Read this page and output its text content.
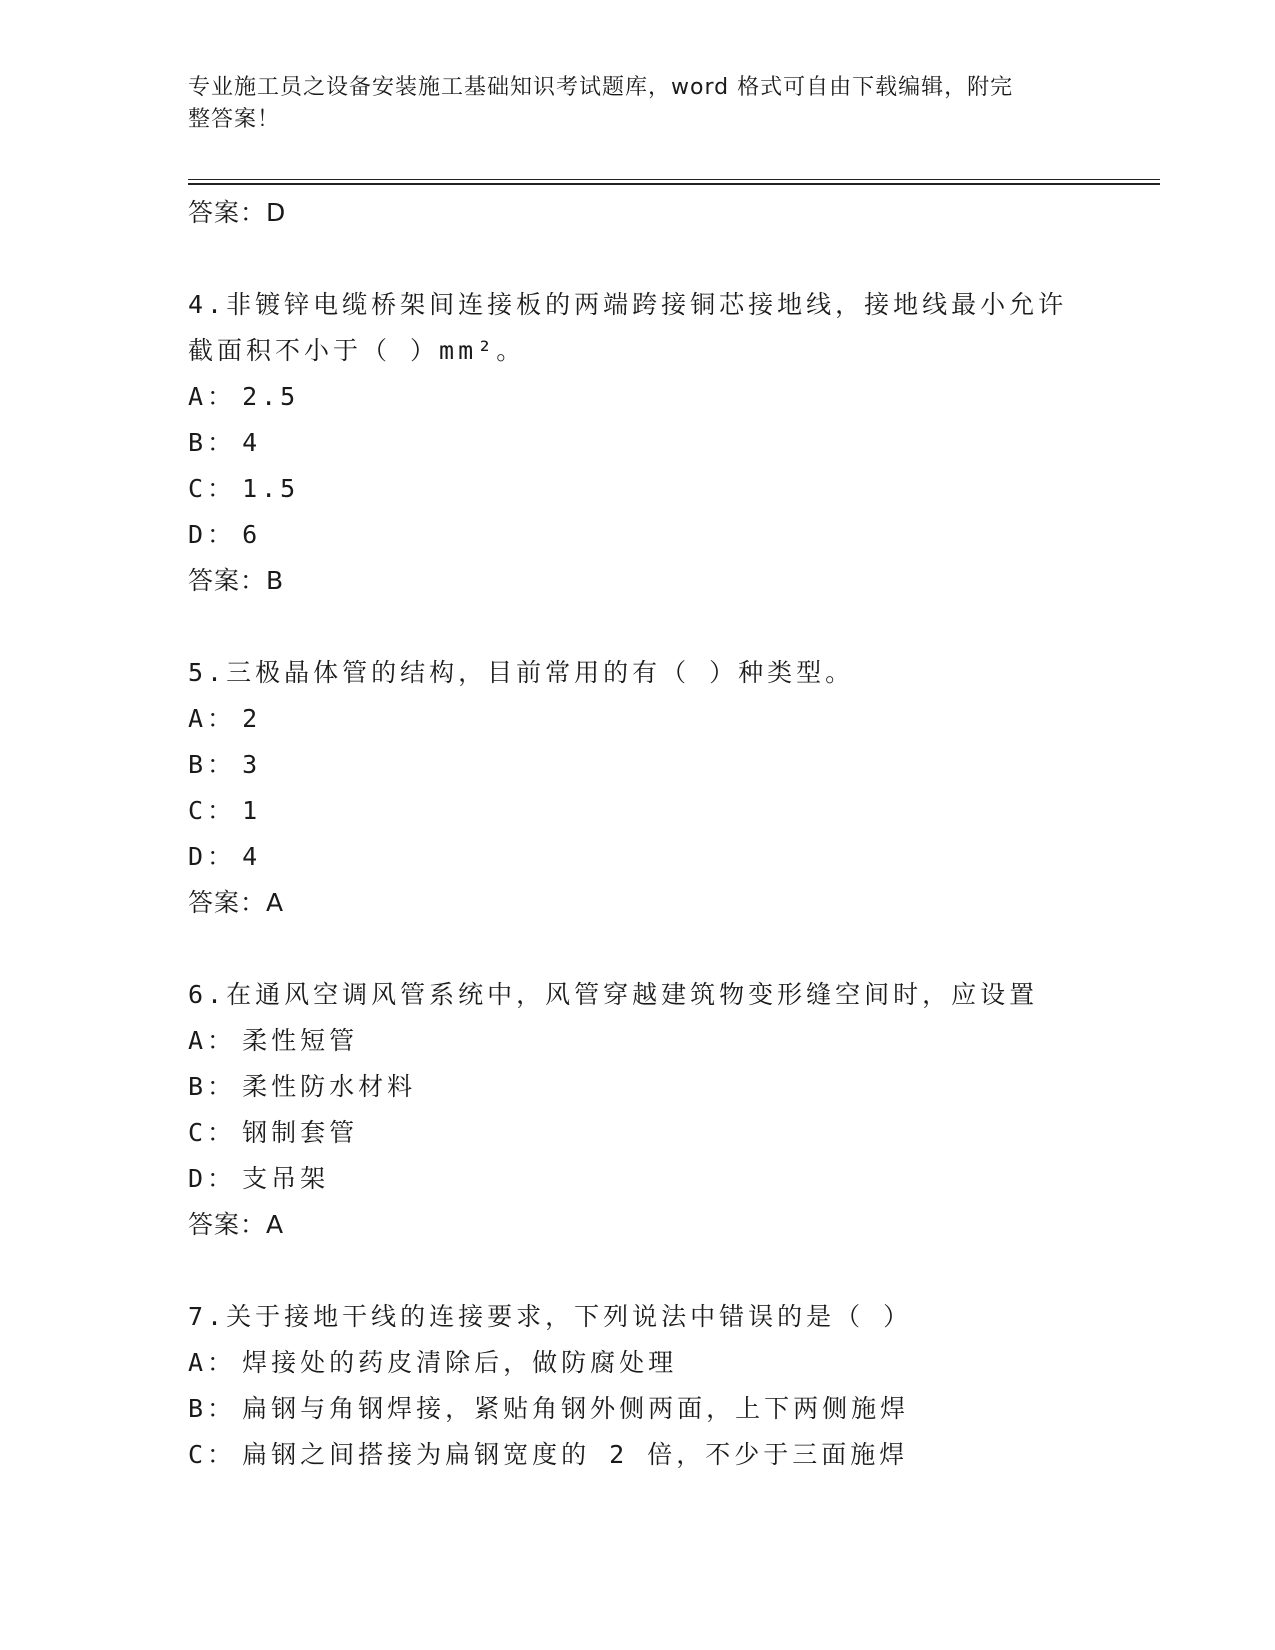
专业施工员之设备安装施工基础知识考试题库，word 格式可自由下载编辑，附完
整答案！
答案：D
4.非镀锌电缆桥架间连接板的两端跨接铜芯接地线，接地线最小允许
截面积不小于（ ）mm²。
A： 2.5
B： 4
C： 1.5
D： 6
答案：B
5.三极晶体管的结构，目前常用的有（ ）种类型。
A： 2
B： 3
C： 1
D： 4
答案：A
6.在通风空调风管系统中，风管穿越建筑物变形缝空间时，应设置
A： 柔性短管
B： 柔性防水材料
C： 钢制套管
D： 支吊架
答案：A
7.关于接地干线的连接要求，下列说法中错误的是（ ）
A： 焊接处的药皮清除后，做防腐处理
B： 扁钢与角钢焊接，紧贴角钢外侧两面，上下两侧施焊
C： 扁钢之间搭接为扁钢宽度的 2 倍，不少于三面施焊
